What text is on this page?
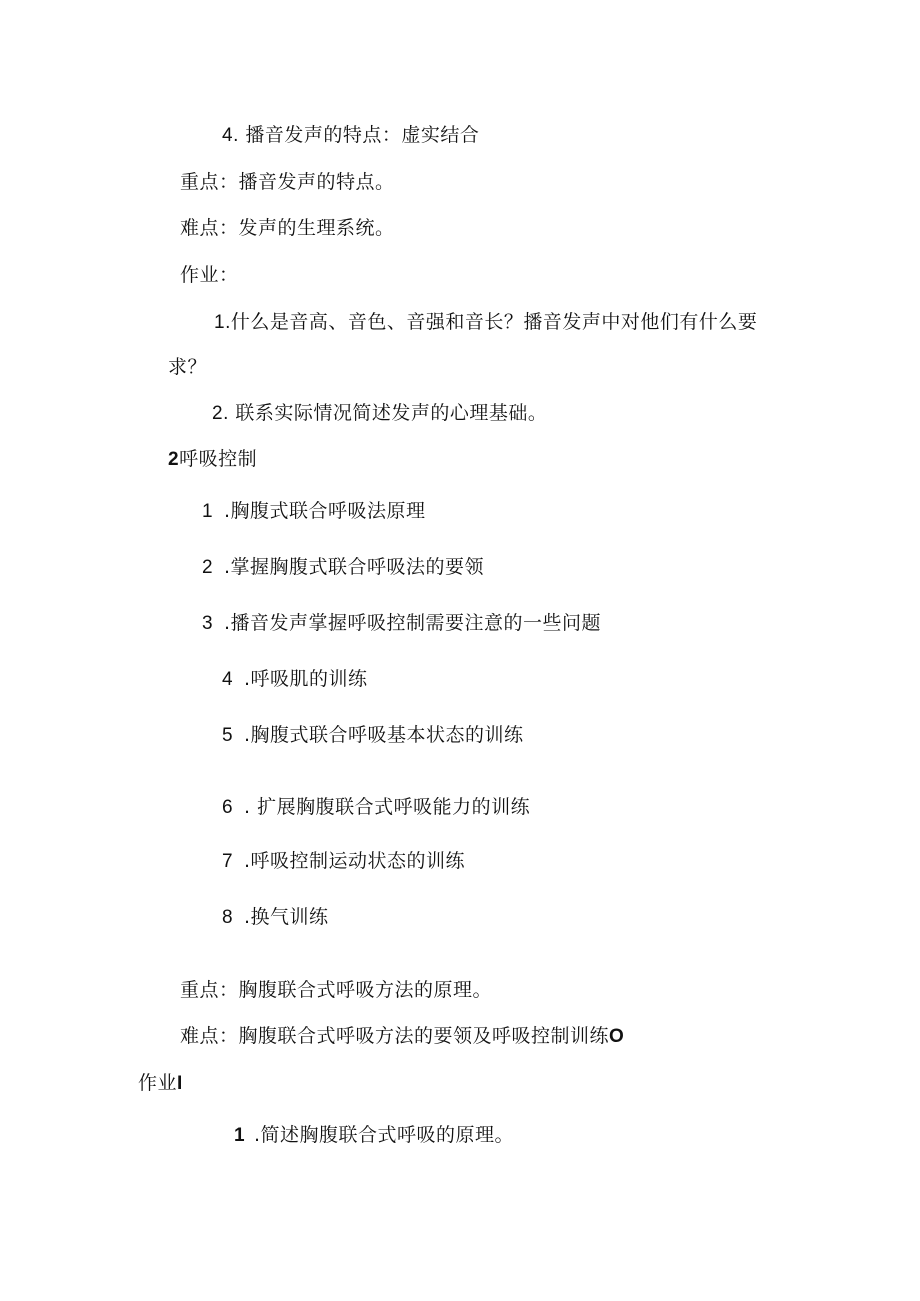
4. 播音发声的特点：虚实结合
重点：播音发声的特点。
难点：发声的生理系统。
作业：
1.什么是音高、音色、音强和音长？播音发声中对他们有什么要
求？
2. 联系实际情况简述发声的心理基础。
2呼吸控制
1 .胸腹式联合呼吸法原理
2 .掌握胸腹式联合呼吸法的要领
3 .播音发声掌握呼吸控制需要注意的一些问题
4 .呼吸肌的训练
5 .胸腹式联合呼吸基本状态的训练
6 . 扩展胸腹联合式呼吸能力的训练
7 .呼吸控制运动状态的训练
8 .换气训练
重点：胸腹联合式呼吸方法的原理。
难点：胸腹联合式呼吸方法的要领及呼吸控制训练O
作业I
1 .简述胸腹联合式呼吸的原理。
